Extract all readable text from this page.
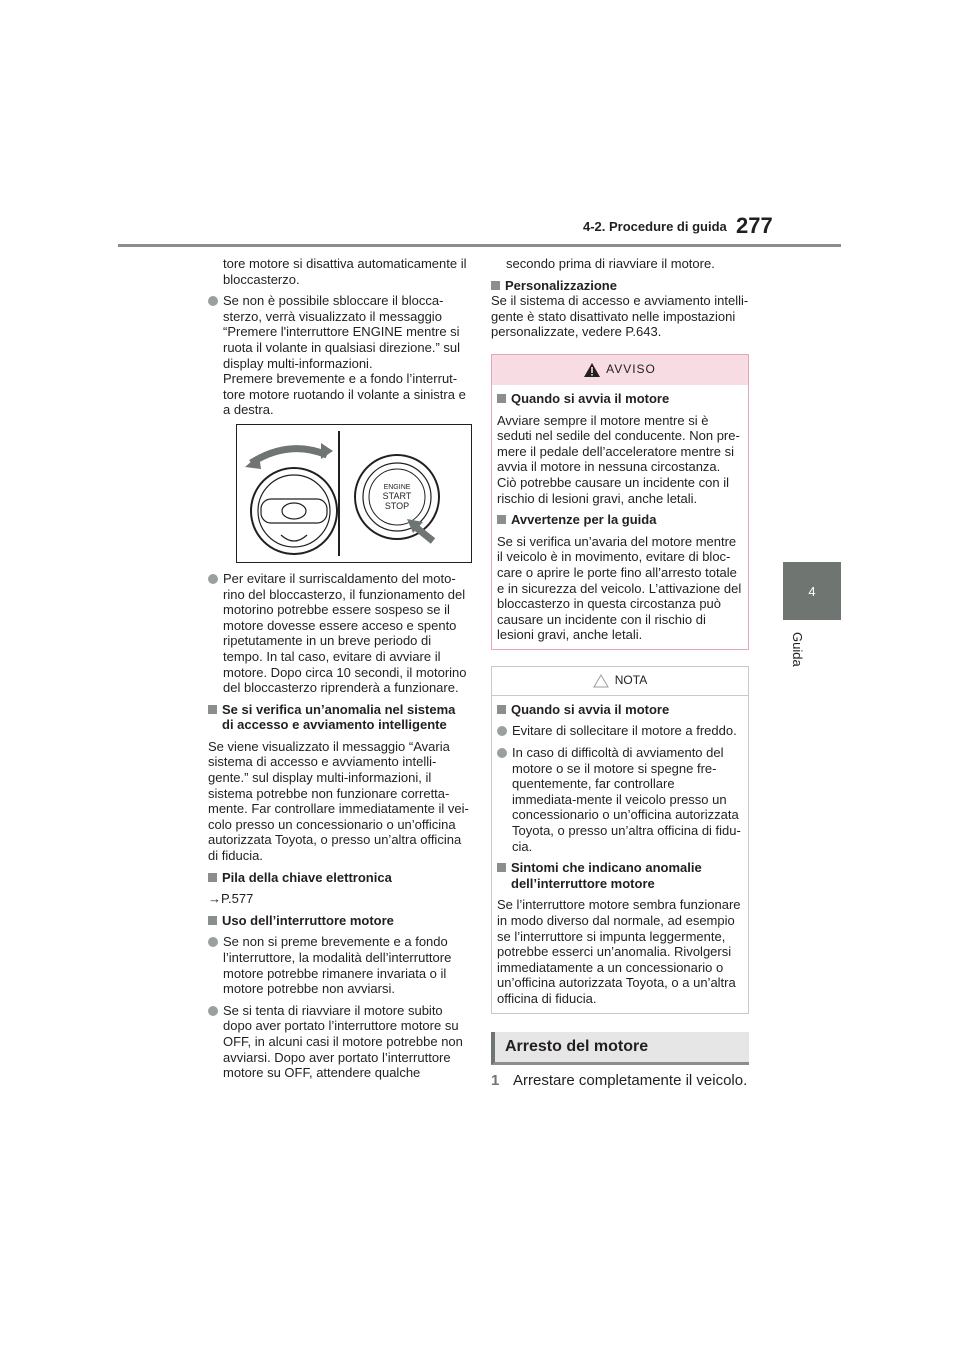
4-2. Procedure di guida 277
4
Guida

tore motore si disattiva automaticamente il bloccasterzo.

Se non è possibile sbloccare il blocca-sterzo, verrà visualizzato il messaggio “Premere l'interruttore ENGINE mentre si ruota il volante in qualsiasi direzione.” sul display multi-informazioni.

Premere brevemente e a fondo l’interrut-tore motore ruotando il volante a sinistra e a destra.

ENGINE
START
STOP

Per evitare il surriscaldamento del moto-rino del bloccasterzo, il funzionamento del motorino potrebbe essere sospeso se il motore dovesse essere acceso e spento ripetutamente in un breve periodo di tempo. In tal caso, evitare di avviare il motore. Dopo circa 10 secondi, il motorino del bloccasterzo riprenderà a funzionare.

Se si verifica un’anomalia nel sistema di accesso e avviamento intelligente

Se viene visualizzato il messaggio “Avaria sistema di accesso e avviamento intelli-gente.” sul display multi-informazioni, il sistema potrebbe non funzionare corretta-mente. Far controllare immediatamente il vei-colo presso un concessionario o un’officina autorizzata Toyota, o presso un’altra officina di fiducia.

Pila della chiave elettronica

→P.577

Uso dell’interruttore motore

Se non si preme brevemente e a fondo l’interruttore, la modalità dell’interruttore motore potrebbe rimanere invariata o il motore potrebbe non avviarsi.

Se si tenta di riavviare il motore subito dopo aver portato l’interruttore motore su OFF, in alcuni casi il motore potrebbe non avviarsi. Dopo aver portato l’interruttore motore su OFF, attendere qualche

secondo prima di riavviare il motore.

Personalizzazione

Se il sistema di accesso e avviamento intelli-gente è stato disattivato nelle impostazioni personalizzate, vedere P.643.

AVVISO
Quando si avvia il motore

Avviare sempre il motore mentre si è seduti nel sedile del conducente. Non pre-mere il pedale dell’acceleratore mentre si avvia il motore in nessuna circostanza. Ciò potrebbe causare un incidente con il rischio di lesioni gravi, anche letali.

Avvertenze per la guida

Se si verifica un’avaria del motore mentre il veicolo è in movimento, evitare di bloc-care o aprire le porte fino all’arresto totale e in sicurezza del veicolo. L’attivazione del bloccasterzo in questa circostanza può causare un incidente con il rischio di lesioni gravi, anche letali.

NOTA
Quando si avvia il motore

Evitare di sollecitare il motore a freddo.

In caso di difficoltà di avviamento del motore o se il motore si spegne fre-quentemente, far controllare immediata-mente il veicolo presso un concessionario o un’officina autorizzata Toyota, o presso un’altra officina di fidu-cia.

Sintomi che indicano anomalie dell’interruttore motore

Se l’interruttore motore sembra funzionare in modo diverso dal normale, ad esempio se l’interruttore si impunta leggermente, potrebbe esserci un’anomalia. Rivolgersi immediatamente a un concessionario o un’officina autorizzata Toyota, o a un’altra officina di fiducia.

Arresto del motore
1 Arrestare completamente il veicolo.
